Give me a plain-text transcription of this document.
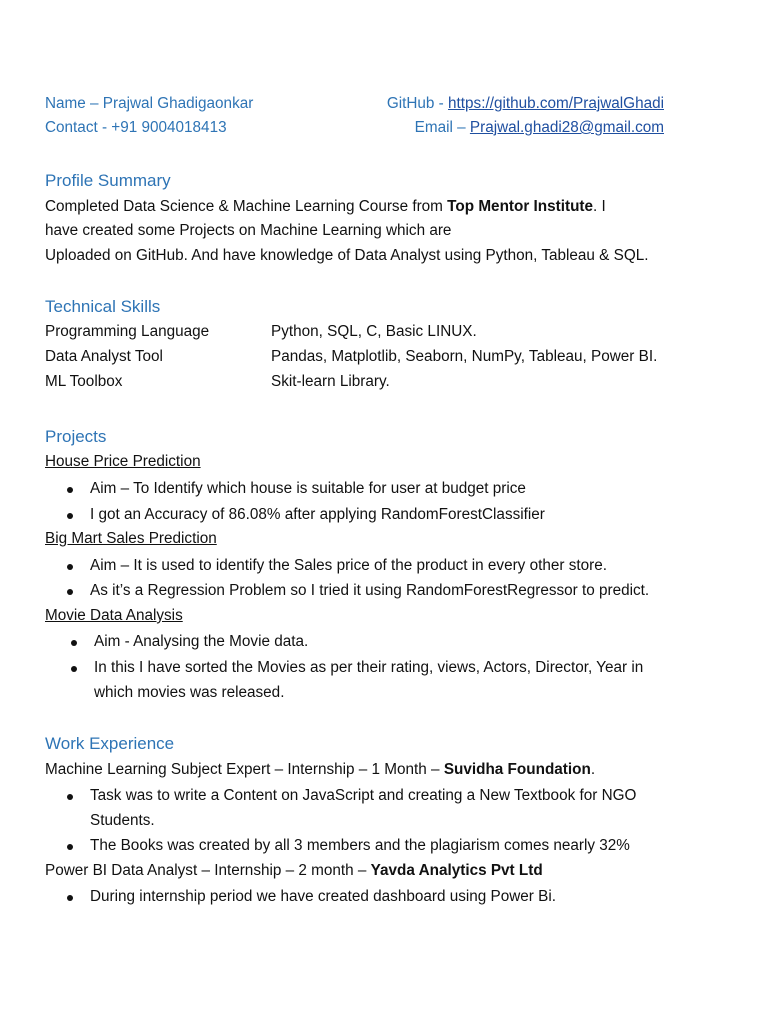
Name – Prajwal Ghadigaonkar
Contact - +91 9004018413
GitHub - https://github.com/PrajwalGhadi
Email – Prajwal.ghadi28@gmail.com
Profile Summary
Completed Data Science & Machine Learning Course from Top Mentor Institute. I
have created some Projects on Machine Learning which are
Uploaded on GitHub. And have knowledge of Data Analyst using Python, Tableau & SQL.
Technical Skills
Programming Language	Python, SQL, C, Basic LINUX.
Data Analyst Tool	Pandas, Matplotlib, Seaborn, NumPy, Tableau, Power BI.
ML Toolbox	Skit-learn Library.
Projects
House Price Prediction
Aim – To Identify which house is suitable for user at budget price
I got an Accuracy of 86.08% after applying RandomForestClassifier
Big Mart Sales Prediction
Aim – It is used to identify the Sales price of the product in every other store.
As it’s a Regression Problem so I tried it using RandomForestRegressor to predict.
Movie Data Analysis
Aim - Analysing the Movie data.
In this I have sorted the Movies as per their rating, views, Actors, Director, Year in
which movies was released.
Work Experience
Machine Learning Subject Expert – Internship – 1 Month – Suvidha Foundation.
Task was to write a Content on JavaScript and creating a New Textbook for NGO
Students.
The Books was created by all 3 members and the plagiarism comes nearly 32%
Power BI Data Analyst – Internship – 2 month – Yavda Analytics Pvt Ltd
During internship period we have created dashboard using Power Bi.
